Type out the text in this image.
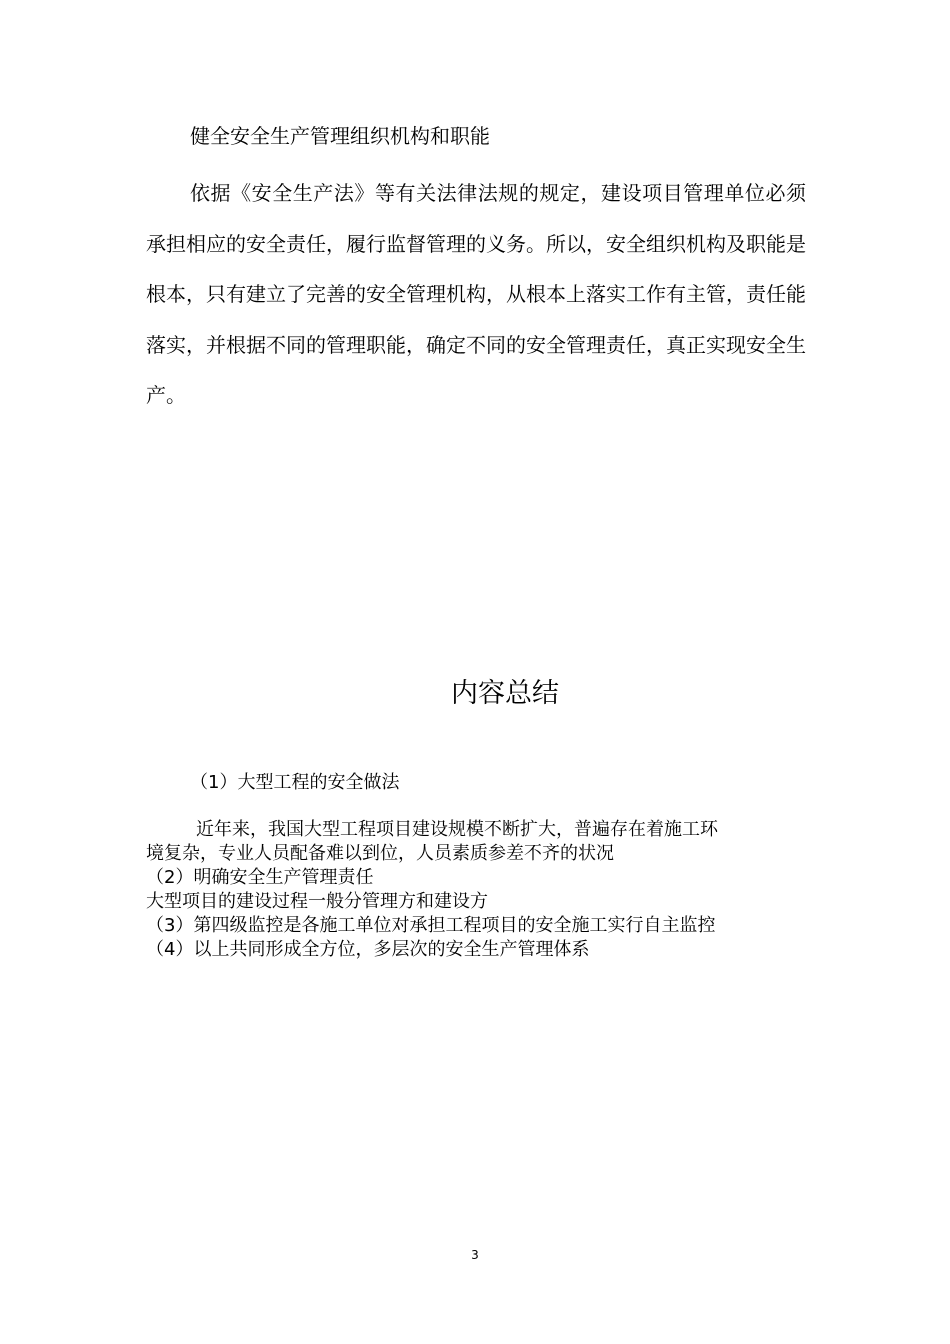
健全安全生产管理组织机构和职能

依据《安全生产法》等有关法律法规的规定，建设项目管理单位必须承担相应的安全责任，履行监督管理的义务。所以，安全组织机构及职能是根本，只有建立了完善的安全管理机构，从根本上落实工作有主管，责任能落实，并根据不同的管理职能，确定不同的安全管理责任，真正实现安全生产。

内容总结

（1）大型工程的安全做法

近年来，我国大型工程项目建设规模不断扩大，普遍存在着施工环

境复杂，专业人员配备难以到位，人员素质参差不齐的状况

（2）明确安全生产管理责任

大型项目的建设过程一般分管理方和建设方

（3）第四级监控是各施工单位对承担工程项目的安全施工实行自主监控

（4）以上共同形成全方位，多层次的安全生产管理体系

3
